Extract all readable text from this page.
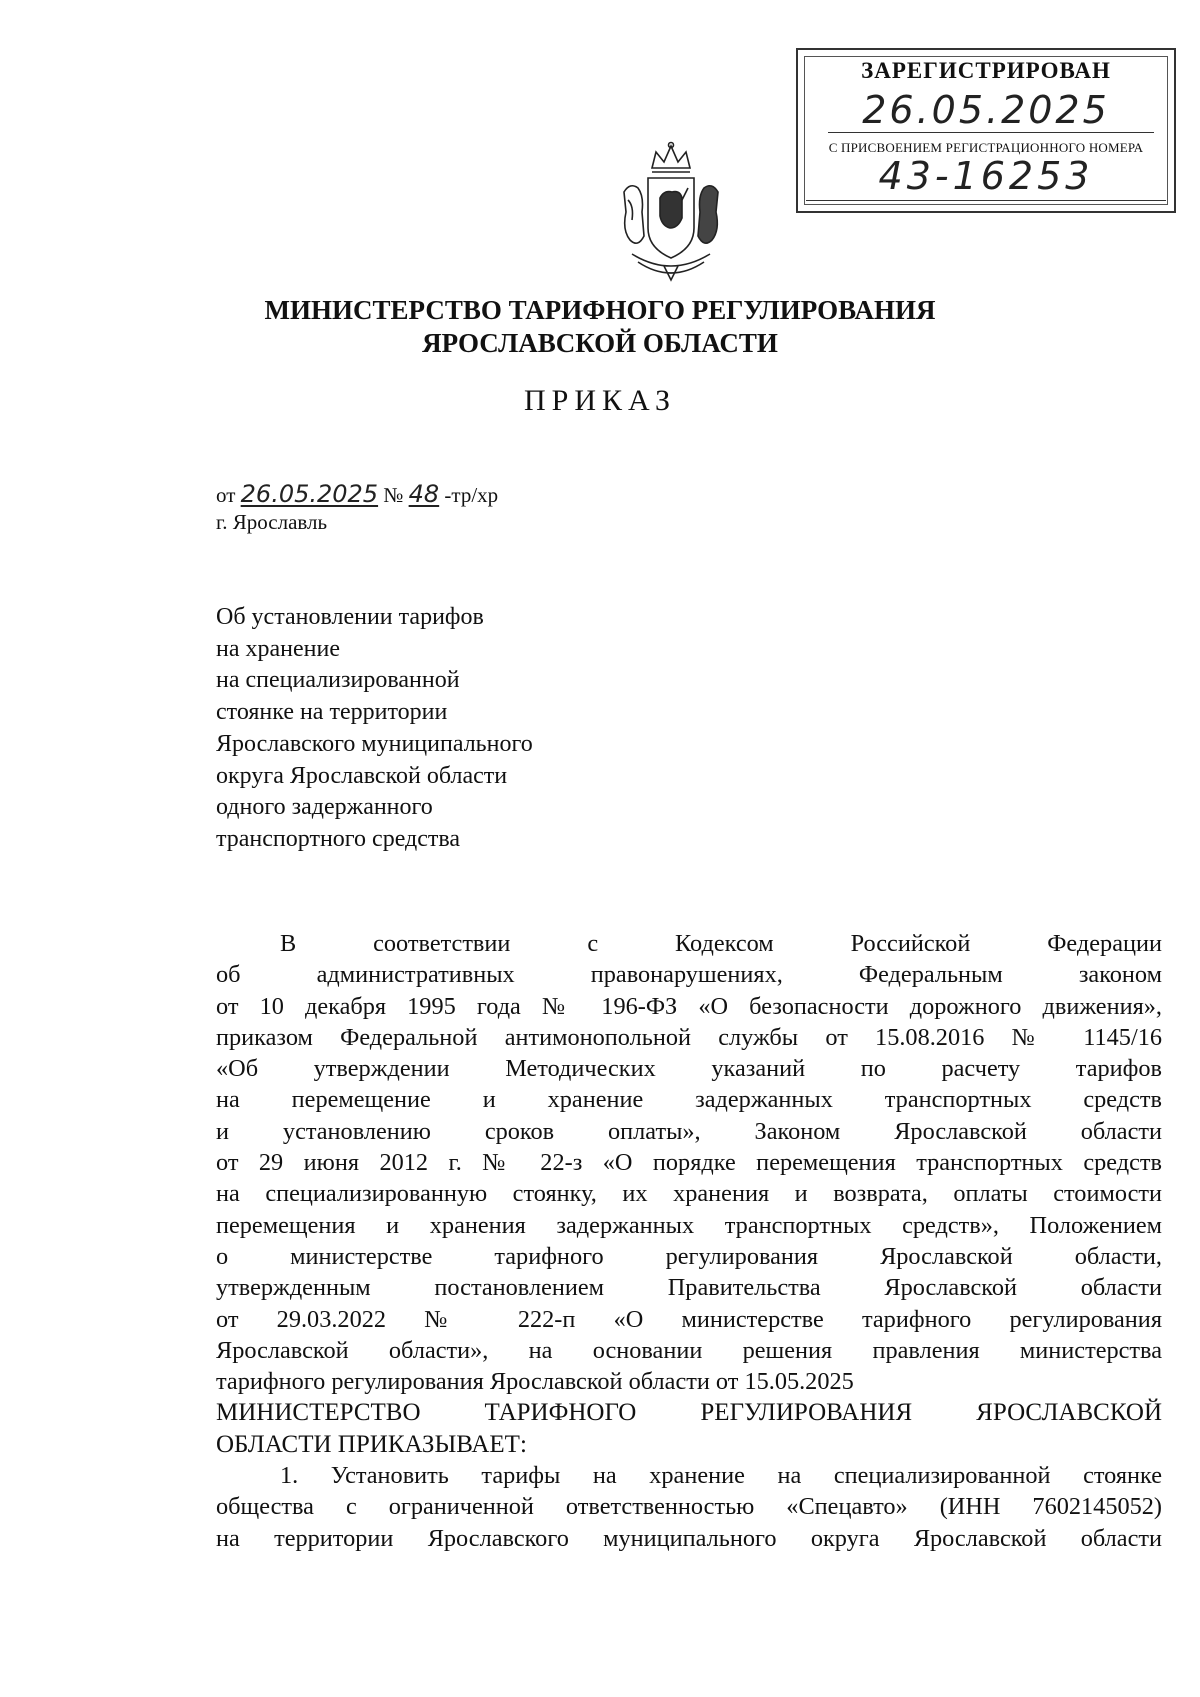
ЗАРЕГИСТРИРОВАН
26.05.2025
С ПРИСВОЕНИЕМ РЕГИСТРАЦИОННОГО НОМЕРА
43-16253
МИНИСТЕРСТВО ТАРИФНОГО РЕГУЛИРОВАНИЯ
ЯРОСЛАВСКОЙ ОБЛАСТИ
ПРИКАЗ
от 26.05.2025 № 48 -тр/хр
г. Ярославль
Об установлении тарифов
на хранение
на специализированной
стоянке на территории
Ярославского муниципального
округа Ярославской области
одного задержанного
транспортного средства
В соответствии с Кодексом Российской Федерации
об административных правонарушениях, Федеральным законом
от 10 декабря 1995 года № 196-ФЗ «О безопасности дорожного движения»,
приказом Федеральной антимонопольной службы от 15.08.2016 № 1145/16
«Об утверждении Методических указаний по расчету тарифов
на перемещение и хранение задержанных транспортных средств
и установлению сроков оплаты», Законом Ярославской области
от 29 июня 2012 г. № 22-з «О порядке перемещения транспортных средств
на специализированную стоянку, их хранения и возврата, оплаты стоимости
перемещения и хранения задержанных транспортных средств», Положением
о министерстве тарифного регулирования Ярославской области,
утвержденным постановлением Правительства Ярославской области
от 29.03.2022 № 222-п «О министерстве тарифного регулирования
Ярославской области», на основании решения правления министерства
тарифного регулирования Ярославской области от 15.05.2025
МИНИСТЕРСТВО ТАРИФНОГО РЕГУЛИРОВАНИЯ ЯРОСЛАВСКОЙ
ОБЛАСТИ ПРИКАЗЫВАЕТ:
1. Установить тарифы на хранение на специализированной стоянке
общества с ограниченной ответственностью «Спецавто» (ИНН 7602145052)
на территории Ярославского муниципального округа Ярославской области
